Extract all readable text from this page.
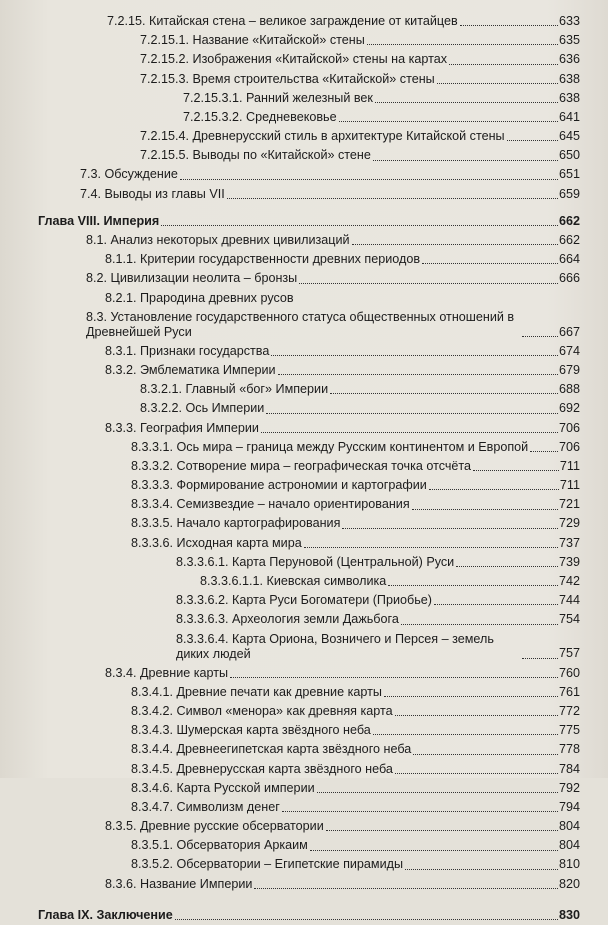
7.2.15. Китайская стена – великое заграждение от китайцев	633
7.2.15.1. Название «Китайской» стены	635
7.2.15.2. Изображения «Китайской» стены на картах	636
7.2.15.3. Время строительства «Китайской» стены	638
7.2.15.3.1. Ранний железный век	638
7.2.15.3.2. Средневековье	641
7.2.15.4. Древнерусский стиль в архитектуре Китайской стены	645
7.2.15.5. Выводы по «Китайской» стене	650
7.3. Обсуждение	651
7.4. Выводы из главы VII	659
Глава VIII. Империя	662
8.1. Анализ некоторых древних цивилизаций	662
8.1.1. Критерии государственности древних периодов	664
8.2. Цивилизации неолита – бронзы	666
8.2.1. Прародина древних русов
8.3. Установление государственного статуса общественных отношений в Древнейшей Руси	667
8.3.1. Признаки государства	674
8.3.2. Эмблематика Империи	679
8.3.2.1. Главный «бог» Империи	688
8.3.2.2. Ось Империи	692
8.3.3. География Империи	706
8.3.3.1. Ось мира – граница между Русским континентом и Европой 706
8.3.3.2. Сотворение мира – географическая точка отсчёта	711
8.3.3.3. Формирование астрономии и картографии	711
8.3.3.4. Семизвездие – начало ориентирования	721
8.3.3.5. Начало картографирования	729
8.3.3.6. Исходная карта мира	737
8.3.3.6.1. Карта Перуновой (Центральной) Руси	739
8.3.3.6.1.1. Киевская символика	742
8.3.3.6.2. Карта Руси Богоматери (Приобье)	744
8.3.3.6.3. Археология земли Дажьбога	754
8.3.3.6.4. Карта Ориона, Возничего и Персея – земель диких людей	757
8.3.4. Древние карты	760
8.3.4.1. Древние печати как древние карты	761
8.3.4.2. Символ «менора» как древняя карта	772
8.3.4.3. Шумерская карта звёздного неба	775
8.3.4.4. Древнеегипетская карта звёздного неба	778
8.3.4.5. Древнерусская карта звёздного неба	784
8.3.4.6. Карта Русской империи	792
8.3.4.7. Символизм денег	794
8.3.5. Древние русские обсерватории	804
8.3.5.1. Обсерватория Аркаим	804
8.3.5.2. Обсерватории – Египетские пирамиды	810
8.3.6. Название Империи	820
Глава IX. Заключение	830
